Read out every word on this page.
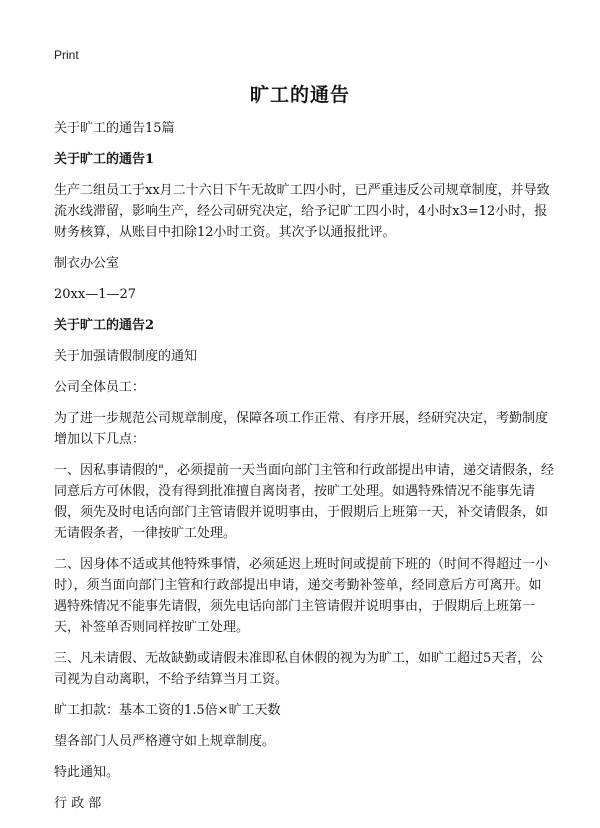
Print
旷工的通告
关于旷工的通告15篇
关于旷工的通告1
生产二组员工于xx月二十六日下午无故旷工四小时，已严重违反公司规章制度，并导致流水线滞留，影响生产，经公司研究决定，给予记旷工四小时，4小时x3=12小时，报财务核算，从账目中扣除12小时工资。其次予以通报批评。
制衣办公室
20xx—1—27
关于旷工的通告2
关于加强请假制度的通知
公司全体员工：
为了进一步规范公司规章制度，保障各项工作正常、有序开展，经研究决定，考勤制度增加以下几点：
一、因私事请假的"，必须提前一天当面向部门主管和行政部提出申请，递交请假条，经同意后方可休假，没有得到批准擅自离岗者，按旷工处理。如遇特殊情况不能事先请假，须先及时电话向部门主管请假并说明事由，于假期后上班第一天，补交请假条，如无请假条者，一律按旷工处理。
二、因身体不适或其他特殊事情，必须延迟上班时间或提前下班的（时间不得超过一小时），须当面向部门主管和行政部提出申请，递交考勤补签单，经同意后方可离开。如遇特殊情况不能事先请假，须先电话向部门主管请假并说明事由，于假期后上班第一天，补签单否则同样按旷工处理。
三、凡未请假、无故缺勤或请假未准即私自休假的视为为旷工，如旷工超过5天者，公司视为自动离职，不给予结算当月工资。
旷工扣款：基本工资的1.5倍×旷工天数
望各部门人员严格遵守如上规章制度。
特此通知。
行 政 部
